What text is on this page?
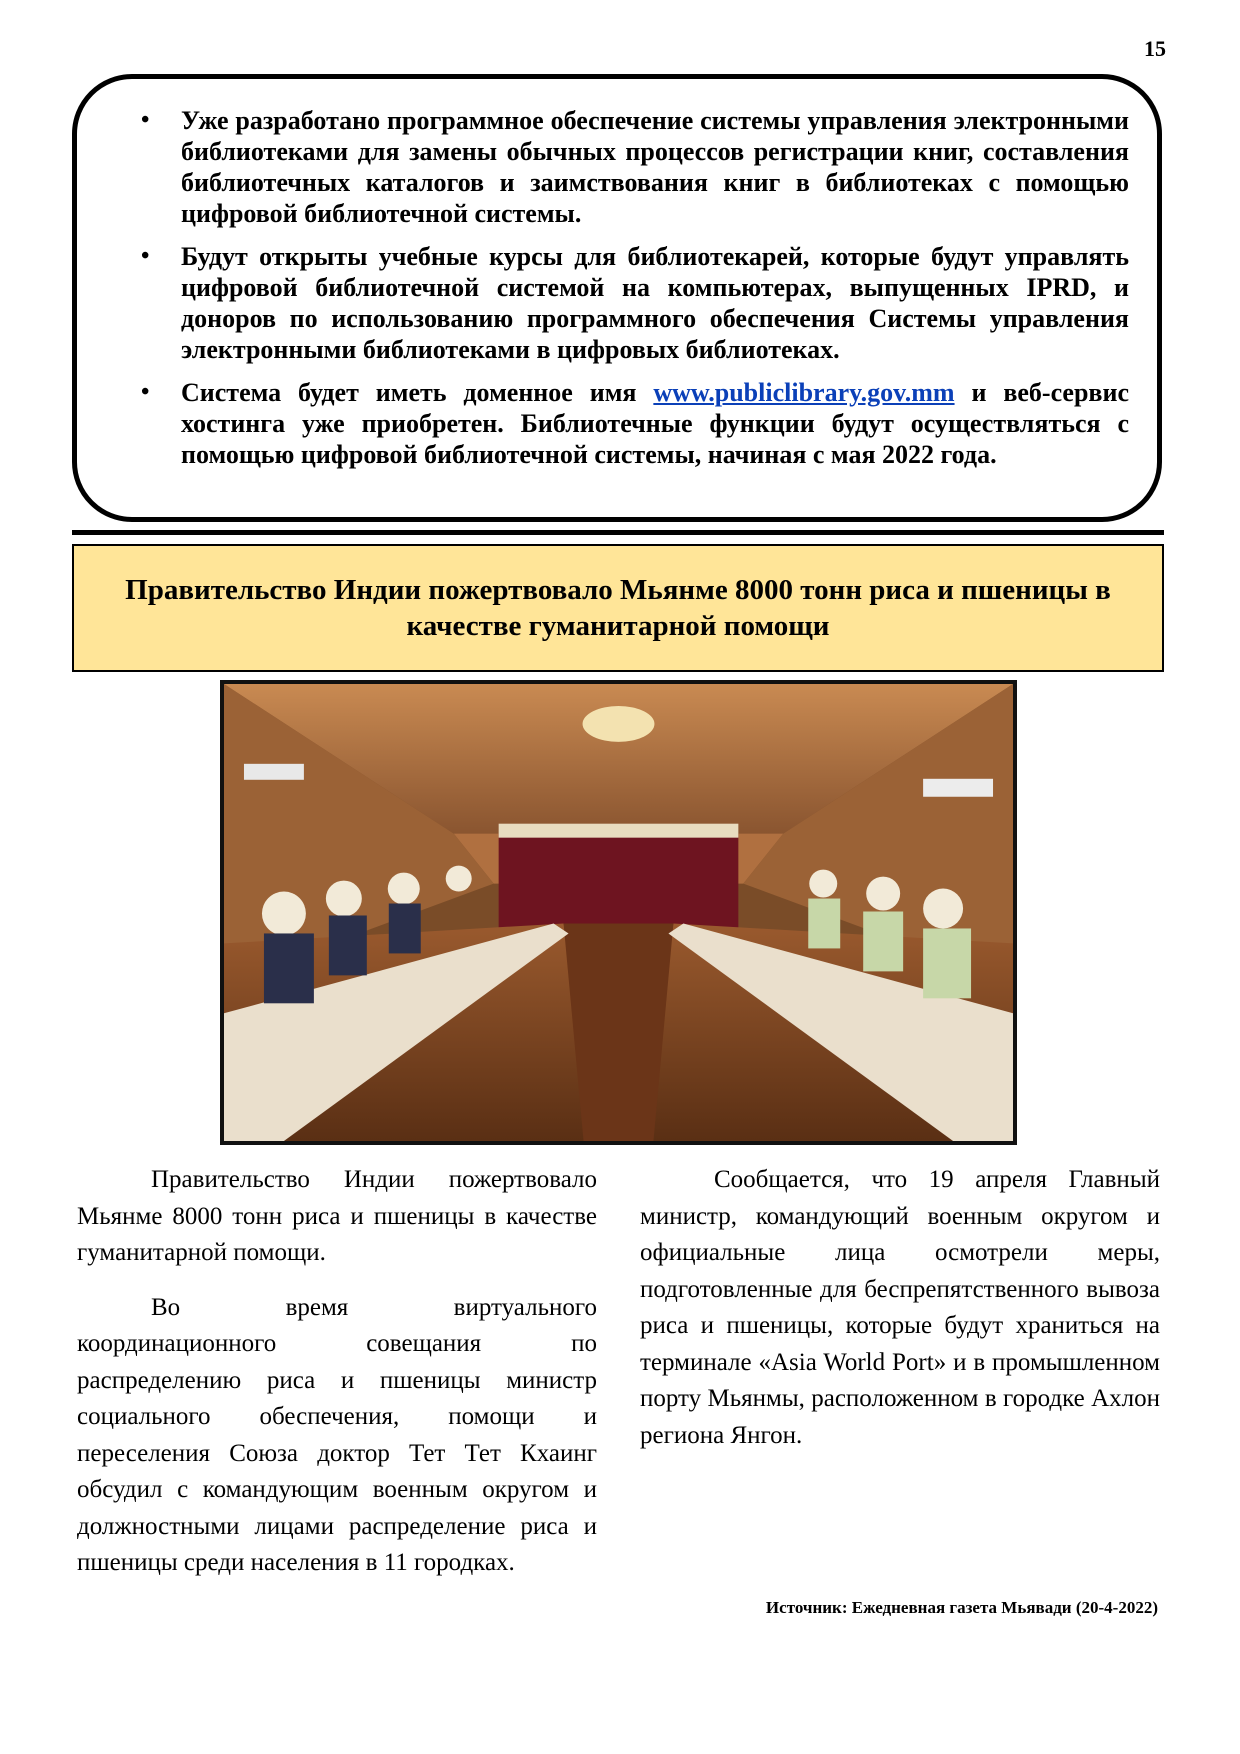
15
• Уже разработано программное обеспечение системы управления электронными библиотеками для замены обычных процессов регистрации книг, составления библиотечных каталогов и заимствования книг в библиотеках с помощью цифровой библиотечной системы.
• Будут открыты учебные курсы для библиотекарей, которые будут управлять цифровой библиотечной системой на компьютерах, выпущенных IPRD, и доноров по использованию программного обеспечения Системы управления электронными библиотеками в цифровых библиотеках.
• Система будет иметь доменное имя www.publiclibrary.gov.mm и веб-сервис хостинга уже приобретен. Библиотечные функции будут осуществляться с помощью цифровой библиотечной системы, начиная с мая 2022 года.
Правительство Индии пожертвовало Мьянме 8000 тонн риса и пшеницы в качестве гуманитарной помощи

Правительство Индии пожертвовало Мьянме 8000 тонн риса и пшеницы в качестве гуманитарной помощи.

Во время виртуального координационного совещания по распределению риса и пшеницы министр социального обеспечения, помощи и переселения Союза доктор Тет Тет Кхаинг обсудил с командующим военным округом и должностными лицами распределение риса и пшеницы среди населения в 11 городках.

Сообщается, что 19 апреля Главный министр, командующий военным округом и официальные лица осмотрели меры, подготовленные для беспрепятственного вывоза риса и пшеницы, которые будут храниться на терминале «Asia World Port» и в промышленном порту Мьянмы, расположенном в городке Ахлон региона Янгон.

Источник: Ежедневная газета Мьявади (20-4-2022)
